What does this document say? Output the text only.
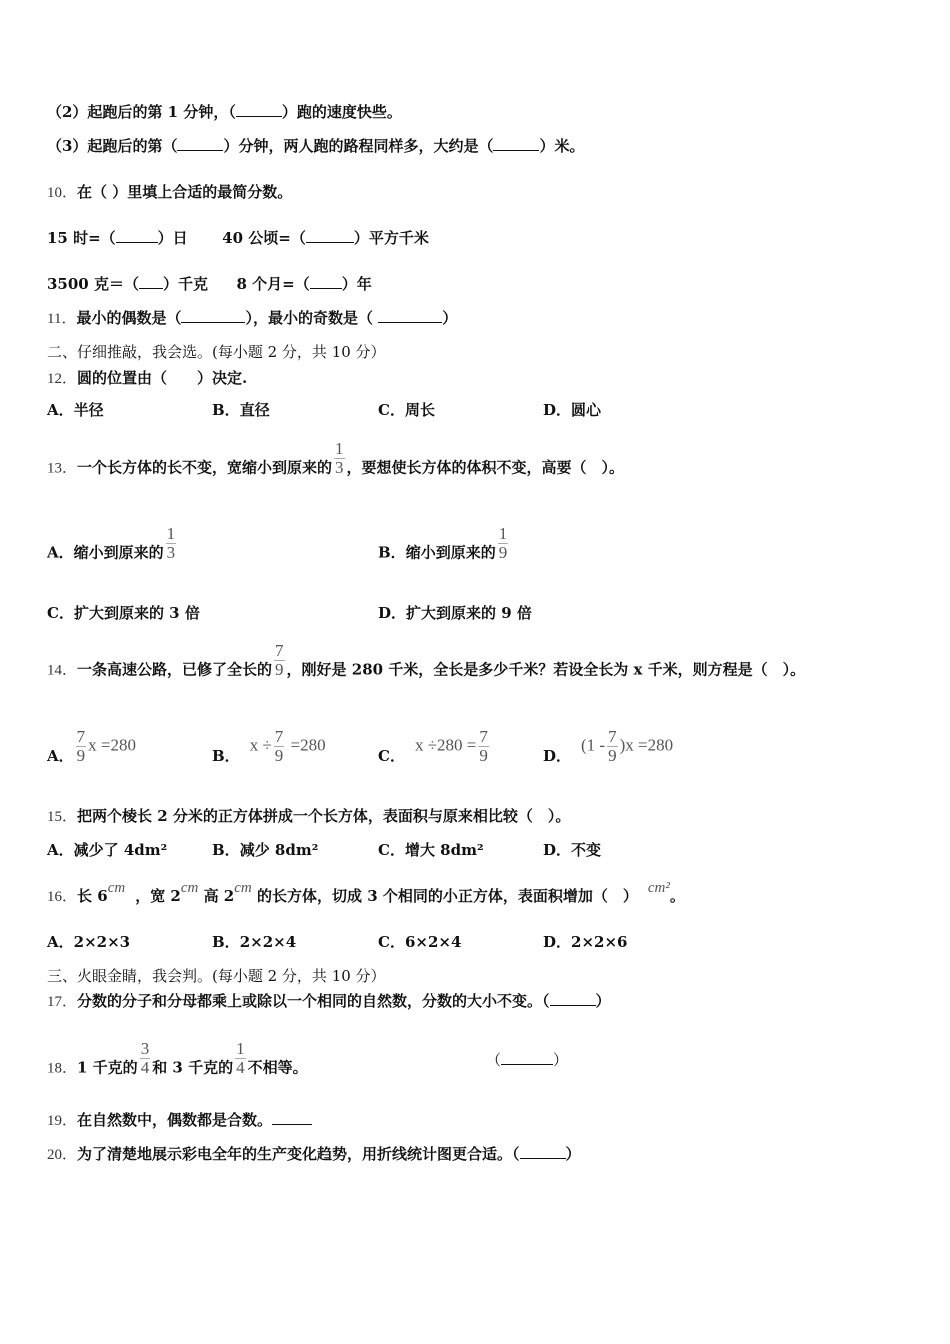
（2）起跑后的第 1 分钟，（	）跑的速度快些。
（3）起跑后的第（	）分钟，两人跑的路程同样多，大约是（	）米。
10．在（ ）里填上合适的最简分数。
15 时=（	）日 40 公顷=（	）平方千米
3500 克＝（ ）千克 8 个月=（ ）年
11．最小的偶数是（	），最小的奇数是（	）
二、仔细推敲，我会选。(每小题 2 分，共 10 分）
12．圆的位置由（　　）决定.
A．半径	B．直径	C．周长	D．圆心
13．一个长方体的长不变，宽缩小到原来的 $\frac{1}{3}$ ，要想使长方体的体积不变，高要（　）。
A．缩小到原来的 $\frac{1}{3}$	B．缩小到原来的 $\frac{1}{9}$
C．扩大到原来的 3 倍	D．扩大到原来的 9 倍
14．一条高速公路，已修了全长的 $\frac{7}{9}$ ，刚好是 280 千米，全长是多少千米？若设全长为 x 千米，则方程是（　）。
A． $\frac{7}{9}$ x =280
B．$x \div \frac{7}{9} =280$
C．$x \div 280 = \frac{7}{9}$	D．$(1 - \frac{7}{9} )x =280$
15．把两个棱长 2 分米的正方体拼成一个长方体，表面积与原来相比较（　）。
A．减少了 4dm²	B．减少 8dm²	C．增大 8dm²	D．不变
16．长 6cm ，宽 2cm 高 2cm 的长方体，切成 3 个相同的小正方体，表面积增加（　） cm²。
A．2×2×3	B．2×2×4	C．6×2×4	D．2×2×6
三、火眼金睛，我会判。(每小题 2 分，共 10 分）
17．分数的分子和分母都乘上或除以一个相同的自然数，分数的大小不变。（	）
18．1 千克的 $\frac{3}{4}$ 和 3 千克的 $\frac{1}{4}$ 不相等。	（	）
19．在自然数中，偶数都是合数。
20．为了清楚地展示彩电全年的生产变化趋势，用折线统计图更合适。（	）
